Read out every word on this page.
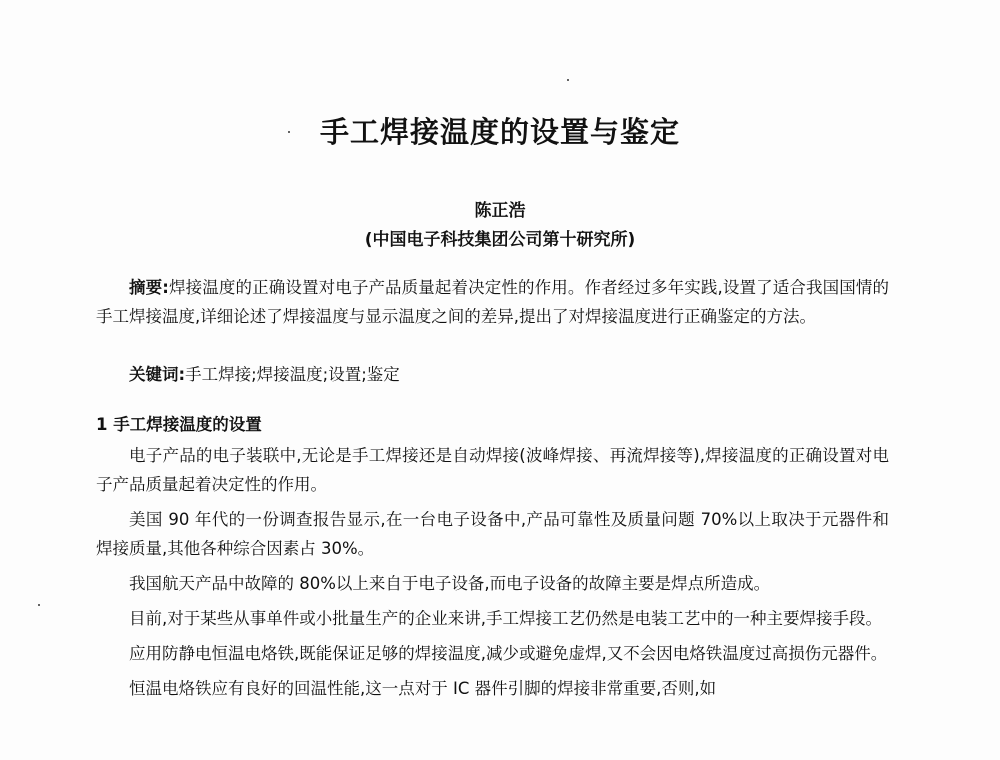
手工焊接温度的设置与鉴定
陈正浩
(中国电子科技集团公司第十研究所)
摘要:焊接温度的正确设置对电子产品质量起着决定性的作用。作者经过多年实践,设置了适合我国国情的手工焊接温度,详细论述了焊接温度与显示温度之间的差异,提出了对焊接温度进行正确鉴定的方法。
关键词:手工焊接;焊接温度;设置;鉴定
1 手工焊接温度的设置

电子产品的电子装联中,无论是手工焊接还是自动焊接(波峰焊接、再流焊接等),焊接温度的正确设置对电子产品质量起着决定性的作用。

美国 90 年代的一份调查报告显示,在一台电子设备中,产品可靠性及质量问题 70%以上取决于元器件和焊接质量,其他各种综合因素占 30%。

我国航天产品中故障的 80%以上来自于电子设备,而电子设备的故障主要是焊点所造成。

目前,对于某些从事单件或小批量生产的企业来讲,手工焊接工艺仍然是电装工艺中的一种主要焊接手段。

应用防静电恒温电烙铁,既能保证足够的焊接温度,减少或避免虚焊,又不会因电烙铁温度过高损伤元器件。

恒温电烙铁应有良好的回温性能,这一点对于 IC 器件引脚的焊接非常重要,否则,如
